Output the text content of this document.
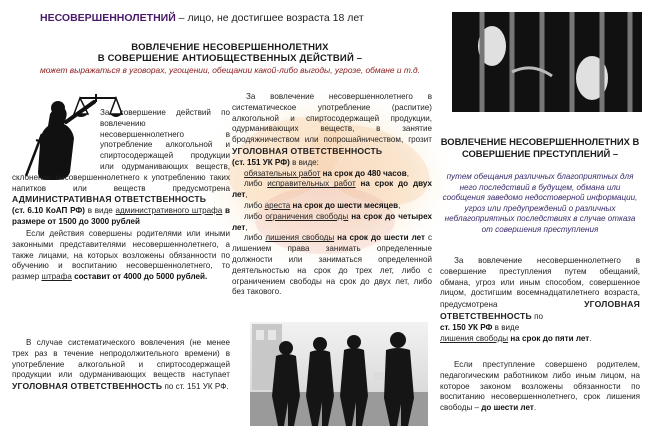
НЕСОВЕРШЕННОЛЕТНИЙ – лицо, не достигшее возраста 18 лет
ВОВЛЕЧЕНИЕ НЕСОВЕРШЕННОЛЕТНИХ
В СОВЕРШЕНИЕ АНТИОБЩЕСТВЕННЫХ ДЕЙСТВИЙ –
может выражаться в уговорах, угощении, обещании какой-либо выгоды, угрозе, обмане и т.д.
За совершение действий по вовлечению несовершеннолетнего в употребление алкогольной и спиртосодержащей продукции или одурманивающих веществ, склонение несовершеннолетнего к употреблению таких напитков или веществ предусмотрена АДМИНИСТРАТИВНАЯ ОТВЕТСТВЕННОСТЬ
(ст. 6.10 КоАП РФ) в виде административного штрафа в размере от 1500 до 3000 рублей
Если действия совершены родителями или иными законными представителями несовершеннолетнего, а также лицами, на которых возложены обязанности по обучению и воспитанию несовершеннолетнего, то размер штрафа составит от 4000 до 5000 рублей.
В случае систематического вовлечения (не менее трех раз в течение непродолжительного времени) в употребление алкогольной и спиртосодержащей продукции или одурманивающих веществ наступает УГОЛОВНАЯ ОТВЕТСТВЕННОСТЬ по ст. 151 УК РФ.
За вовлечение несовершеннолетнего в систематическое употребление (распитие) алкогольной и спиртосодержащей продукции, одурманивающих веществ, в занятие бродяжничеством или попрошайничеством, грозит УГОЛОВНАЯ ОТВЕТСТВЕННОСТЬ
(ст. 151 УК РФ) в виде:
обязательных работ на срок до 480 часов,
либо исправительных работ на срок до двух лет,
либо ареста на срок до шести месяцев,
либо ограничения свободы на срок до четырех лет,
либо лишения свободы на срок до шести лет с лишением права занимать определенные должности или заниматься определенной деятельностью на срок до трех лет, либо с ограничением свободы на срок до двух лет, либо без такового.
ВОВЛЕЧЕНИЕ НЕСОВЕРШЕННОЛЕТНИХ В СОВЕРШЕНИЕ ПРЕСТУПЛЕНИЙ –
путем обещания различных благоприятных для него последствий в будущем, обмана или сообщения заведомо недостоверной информации, угроз или предупреждений о различных неблагоприятных последствиях в случае отказа от совершения преступления
За вовлечение несовершеннолетнего в совершение преступления путем обещаний, обмана, угроз или иным способом, совершенное лицом, достигшим восемнадцатилетнего возраста, предусмотрена УГОЛОВНАЯ ОТВЕТСТВЕННОСТЬ по
ст. 150 УК РФ в виде
лишения свободы на срок до пяти лет.
Если преступление совершено родителем, педагогическим работником либо иным лицом, на которое законом возложены обязанности по воспитанию несовершеннолетнего, срок лишения свободы – до шести лет.
